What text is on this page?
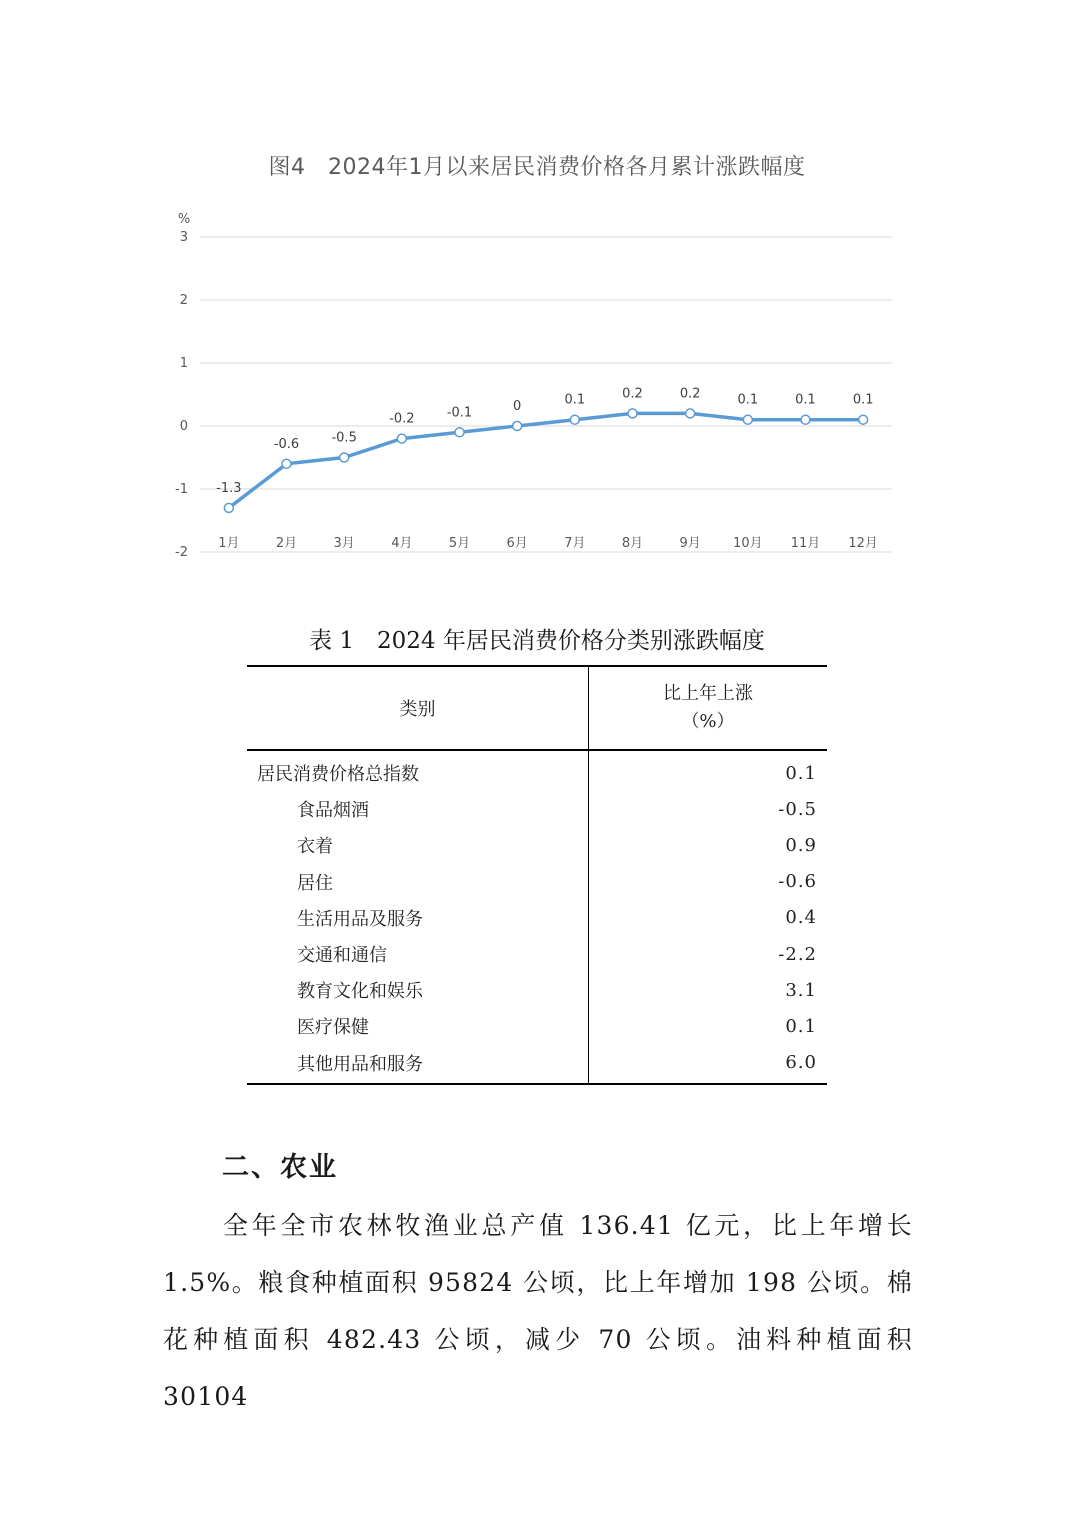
图4　2024年1月以来居民消费价格各月累计涨跌幅度
%
3
2
1
0
-1
-2
1月	2月	3月	4月	5月	6月	7月	8月	9月 10月 11月 12月
-1.3
-0.6 -0.5
-0.2 -0.1	0	0.1	0.2	0.2	0.1	0.1	0.1
表 1　2024 年居民消费价格分类别涨跌幅度
类别	比上年上涨
（%）

居民消费价格总指数	0.1
食品烟酒	-0.5
衣着	0.9
居住	-0.6
生活用品及服务	0.4
交通和通信	-2.2
教育文化和娱乐	3.1
医疗保健	0.1
其他用品和服务	6.0
二、农业
全年全市农林牧渔业总产值 136.41 亿元，比上年增长 1.5%。粮食种植面积 95824 公顷，比上年增加 198 公顷。棉花种植面积 482.43 公顷，减少 70 公顷。油料种植面积 30104
